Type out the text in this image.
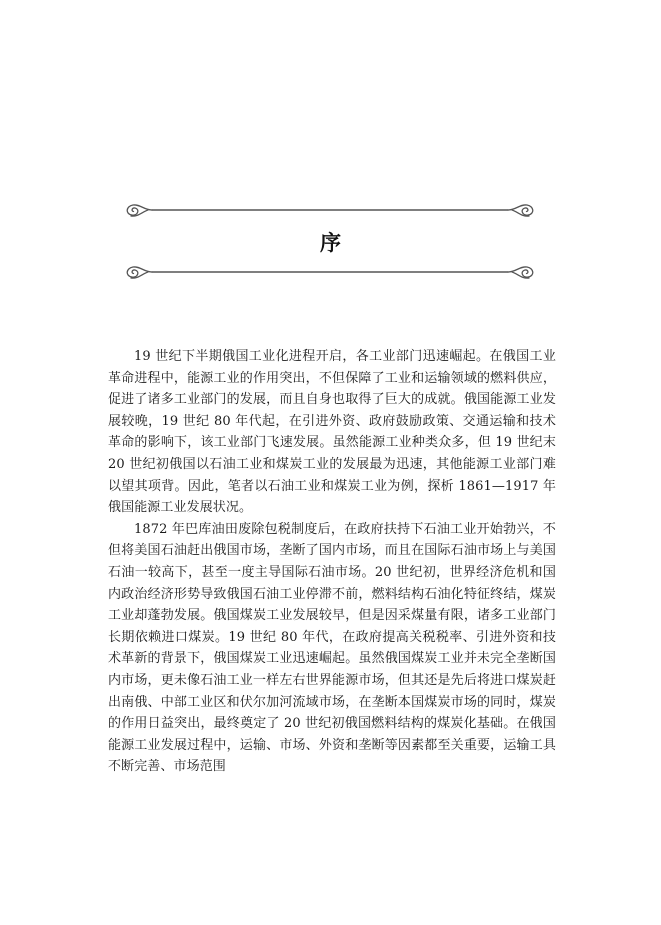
序

19 世纪下半期俄国工业化进程开启，各工业部门迅速崛起。在俄国工业革命进程中，能源工业的作用突出，不但保障了工业和运输领域的燃料供应，促进了诸多工业部门的发展，而且自身也取得了巨大的成就。俄国能源工业发展较晚，19 世纪 80 年代起，在引进外资、政府鼓励政策、交通运输和技术革命的影响下，该工业部门飞速发展。虽然能源工业种类众多，但 19 世纪末 20 世纪初俄国以石油工业和煤炭工业的发展最为迅速，其他能源工业部门难以望其项背。因此，笔者以石油工业和煤炭工业为例，探析 1861—1917 年俄国能源工业发展状况。

1872 年巴库油田废除包税制度后，在政府扶持下石油工业开始勃兴，不但将美国石油赶出俄国市场，垄断了国内市场，而且在国际石油市场上与美国石油一较高下，甚至一度主导国际石油市场。20 世纪初，世界经济危机和国内政治经济形势导致俄国石油工业停滞不前，燃料结构石油化特征终结，煤炭工业却蓬勃发展。俄国煤炭工业发展较早，但是因采煤量有限，诸多工业部门长期依赖进口煤炭。19 世纪 80 年代，在政府提高关税税率、引进外资和技术革新的背景下，俄国煤炭工业迅速崛起。虽然俄国煤炭工业并未完全垄断国内市场，更未像石油工业一样左右世界能源市场，但其还是先后将进口煤炭赶出南俄、中部工业区和伏尔加河流域市场，在垄断本国煤炭市场的同时，煤炭的作用日益突出，最终奠定了 20 世纪初俄国燃料结构的煤炭化基础。在俄国能源工业发展过程中，运输、市场、外资和垄断等因素都至关重要，运输工具不断完善、市场范围
